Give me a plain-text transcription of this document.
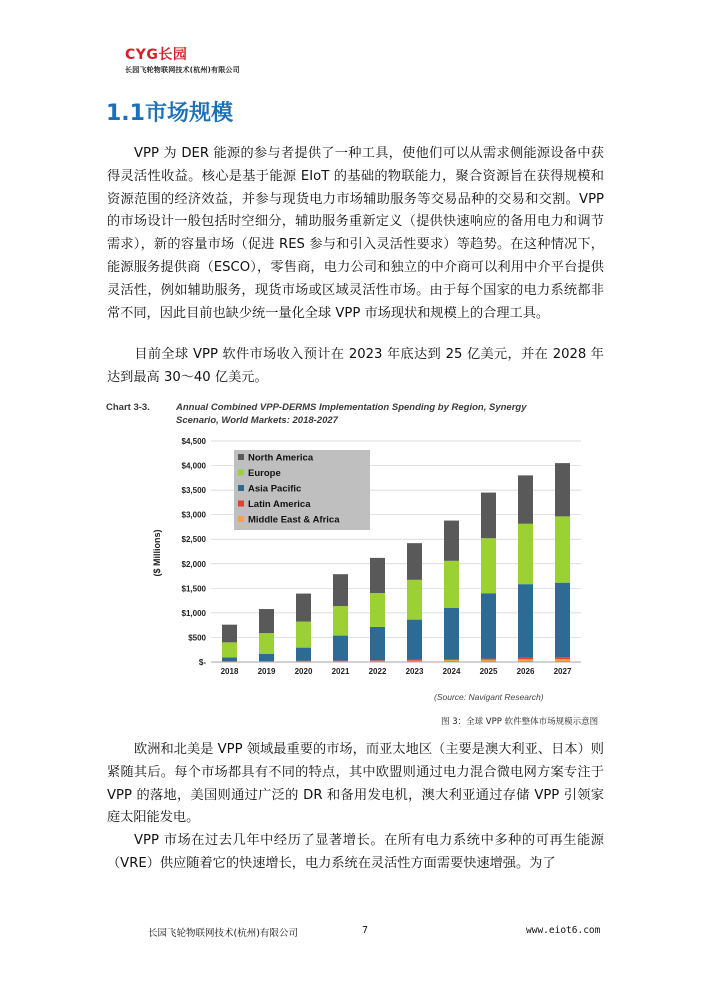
CYG长园
长园飞轮物联网技术(杭州)有限公司
1.1市场规模

VPP 为 DER 能源的参与者提供了一种工具，使他们可以从需求侧能源设备中获得灵活性收益。核心是基于能源 EIoT 的基础的物联能力，聚合资源旨在获得规模和资源范围的经济效益，并参与现货电力市场辅助服务等交易品种的交易和交割。VPP 的市场设计一般包括时空细分，辅助服务重新定义（提供快速响应的备用电力和调节需求），新的容量市场（促进 RES 参与和引入灵活性要求）等趋势。在这种情况下，能源服务提供商（ESCO），零售商，电力公司和独立的中介商可以利用中介平台提供灵活性，例如辅助服务，现货市场或区域灵活性市场。由于每个国家的电力系统都非常不同，因此目前也缺少统一量化全球 VPP 市场现状和规模上的合理工具。

目前全球 VPP 软件市场收入预计在 2023 年底达到 25 亿美元，并在 2028 年达到最高 30～40 亿美元。

Chart 3-3.	Annual Combined VPP-DERMS Implementation Spending by Region, Synergy
Scenario, World Markets: 2018-2027
$-
$500
$1,000
$1,500
$2,000
$2,500
$3,000
$3,500
$4,000
$4,500
2018 2019 2020 2021 2022 2023 2024 2025 2026 2027
North America
Europe
Asia Pacific
Latin America
Middle East & Africa
($ Millions)
(Source: Navigant Research)
图 3：全球 VPP 软件整体市场规模示意图

欧洲和北美是 VPP 领域最重要的市场，而亚太地区（主要是澳大利亚、日本）则紧随其后。每个市场都具有不同的特点，其中欧盟则通过电力混合微电网方案专注于 VPP 的落地，美国则通过广泛的 DR 和备用发电机，澳大利亚通过存储 VPP 引领家庭太阳能发电。

VPP 市场在过去几年中经历了显著增长。在所有电力系统中多种的可再生能源（VRE）供应随着它的快速增长，电力系统在灵活性方面需要快速增强。为了

长园飞轮物联网技术(杭州)有限公司	7	www.eiot6.com
